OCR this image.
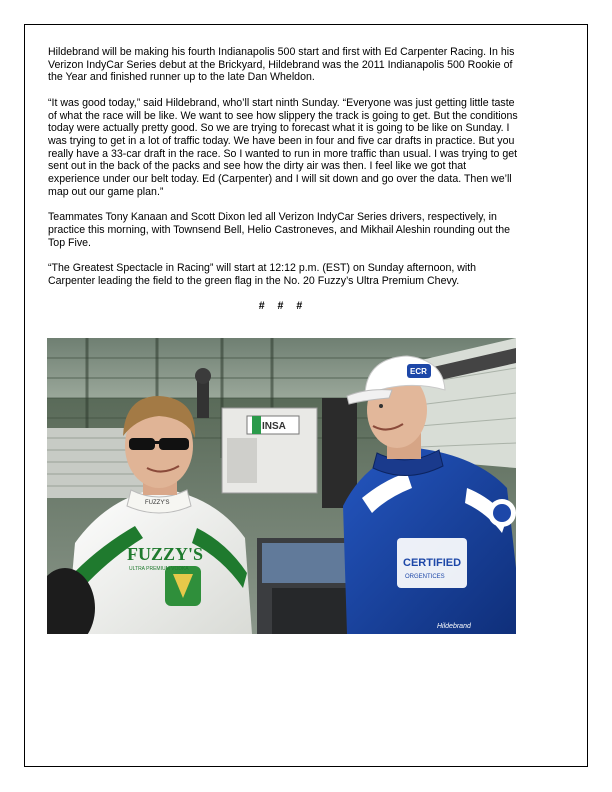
Hildebrand will be making his fourth Indianapolis 500 start and first with Ed Carpenter Racing. In his Verizon IndyCar Series debut at the Brickyard, Hildebrand was the 2011 Indianapolis 500 Rookie of the Year and finished runner up to the late Dan Wheldon.

“It was good today,” said Hildebrand, who’ll start ninth Sunday. “Everyone was just getting little taste of what the race will be like. We want to see how slippery the track is going to get. But the conditions today were actually pretty good. So we are trying to forecast what it is going to be like on Sunday. I was trying to get in a lot of traffic today. We have been in four and five car drafts in practice. But you really have a 33-car draft in the race. So I wanted to run in more traffic than usual. I was trying to get sent out in the back of the packs and see how the dirty air was then. I feel like we got that experience under our belt today. Ed (Carpenter) and I will sit down and go over the data. Then we’ll map out our game plan.”

Teammates Tony Kanaan and Scott Dixon led all Verizon IndyCar Series drivers, respectively, in practice this morning, with Townsend Bell, Helio Castroneves, and Mikhail Aleshin rounding out the Top Five.

“The Greatest Spectacle in Racing” will start at 12:12 p.m. (EST) on Sunday afternoon, with Carpenter leading the field to the green flag in the No. 20 Fuzzy’s Ultra Premium Chevy.

# # #
INSA
FUZZY'S
ULTRA PREMIUM VODKA
FUZZY'S
CERTIFIED
ORGENTICES
Hildebrand
ECR
